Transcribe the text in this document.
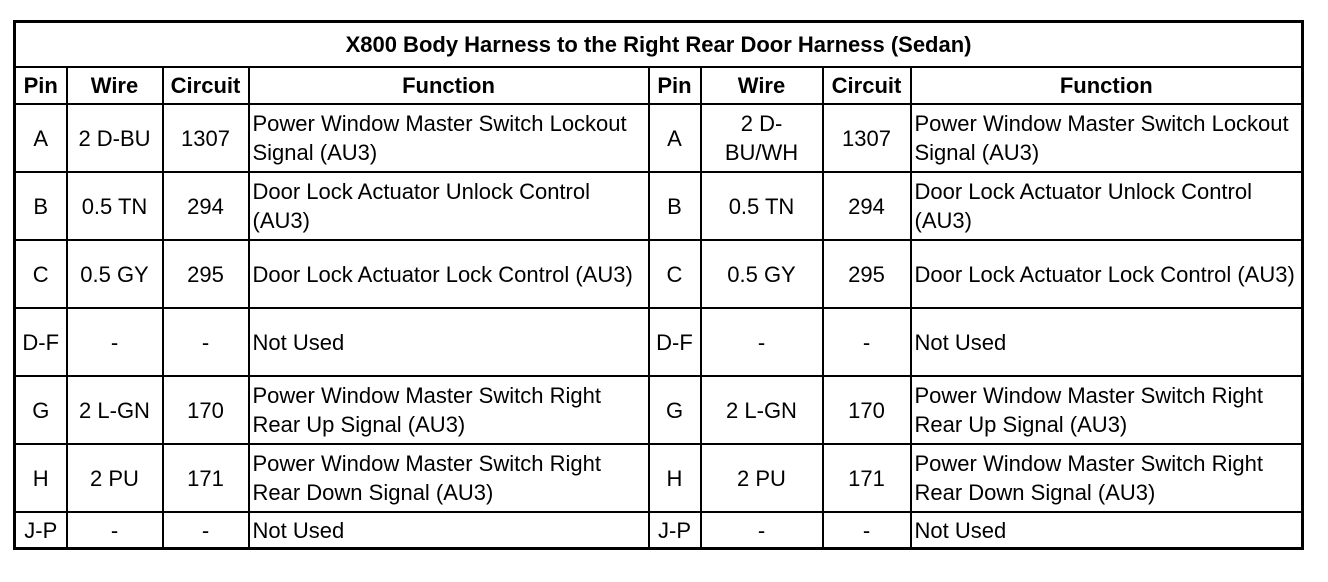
X800 Body Harness to the Right Rear Door Harness (Sedan)							
Pin	Wire	Circuit	Function	Pin	Wire	Circuit	Function
A	2 D-BU	1307	Power Window Master Switch Lockout Signal (AU3)	A	2 D-BU/WH	1307	Power Window Master Switch Lockout Signal (AU3)
B	0.5 TN	294	Door Lock Actuator Unlock Control (AU3)	B	0.5 TN	294	Door Lock Actuator Unlock Control (AU3)
C	0.5 GY	295	Door Lock Actuator Lock Control (AU3)	C	0.5 GY	295	Door Lock Actuator Lock Control (AU3)
D-F	-	-	Not Used	D-F	-	-	Not Used
G	2 L-GN	170	Power Window Master Switch Right Rear Up Signal (AU3)	G	2 L-GN	170	Power Window Master Switch Right Rear Up Signal (AU3)
H	2 PU	171	Power Window Master Switch Right Rear Down Signal (AU3)	H	2 PU	171	Power Window Master Switch Right Rear Down Signal (AU3)
J-P	-	-	Not Used	J-P	-	-	Not Used
